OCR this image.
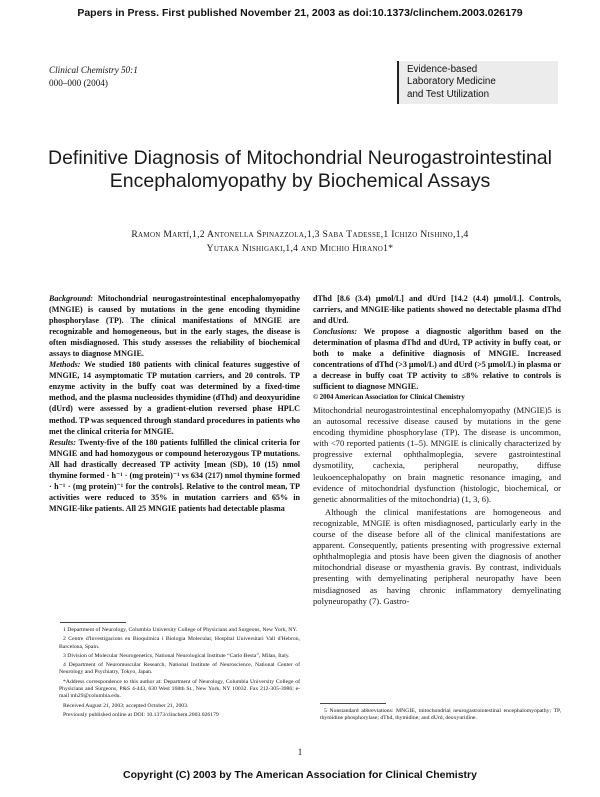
Papers in Press. First published November 21, 2003 as doi:10.1373/clinchem.2003.026179
Clinical Chemistry 50:1
000–000 (2004)
Evidence-based
Laboratory Medicine
and Test Utilization
Definitive Diagnosis of Mitochondrial Neurogastrointestinal Encephalomyopathy by Biochemical Assays
Ramon Martí,1,2 Antonella Spinazzola,1,3 Saba Tadesse,1 Ichizo Nishino,1,4
Yutaka Nishigaki,1,4 and Michio Hirano1*

Background: Mitochondrial neurogastrointestinal encephalomyopathy (MNGIE) is caused by mutations in the gene encoding thymidine phosphorylase (TP). The clinical manifestations of MNGIE are recognizable and homogeneous, but in the early stages, the disease is often misdiagnosed. This study assesses the reliability of biochemical assays to diagnose MNGIE.

Methods: We studied 180 patients with clinical features suggestive of MNGIE, 14 asymptomatic TP mutation carriers, and 20 controls. TP enzyme activity in the buffy coat was determined by a fixed-time method, and the plasma nucleosides thymidine (dThd) and deoxyuridine (dUrd) were assessed by a gradient-elution reversed phase HPLC method. TP was sequenced through standard procedures in patients who met the clinical criteria for MNGIE.

Results: Twenty-five of the 180 patients fulfilled the clinical criteria for MNGIE and had homozygous or compound heterozygous TP mutations. All had drastically decreased TP activity [mean (SD), 10 (15) nmol thymine formed · h⁻¹ · (mg protein)⁻¹ vs 634 (217) nmol thymine formed · h⁻¹ · (mg protein)⁻¹ for the controls]. Relative to the control mean, TP activities were reduced to 35% in mutation carriers and 65% in MNGIE-like patients. All 25 MNGIE patients had detectable plasma

dThd [8.6 (3.4) μmol/L] and dUrd [14.2 (4.4) μmol/L]. Controls, carriers, and MNGIE-like patients showed no detectable plasma dThd and dUrd.

Conclusions: We propose a diagnostic algorithm based on the determination of plasma dThd and dUrd, TP activity in buffy coat, or both to make a definitive diagnosis of MNGIE. Increased concentrations of dThd (>3 μmol/L) and dUrd (>5 μmol/L) in plasma or a decrease in buffy coat TP activity to ≤8% relative to controls is sufficient to diagnose MNGIE.

© 2004 American Association for Clinical Chemistry

Mitochondrial neurogastrointestinal encephalomyopathy (MNGIE)5 is an autosomal recessive disease caused by mutations in the gene encoding thymidine phosphorylase (TP). The disease is uncommon, with <70 reported patients (1–5). MNGIE is clinically characterized by progressive external ophthalmoplegia, severe gastrointestinal dysmotility, cachexia, peripheral neuropathy, diffuse leukoencephalopathy on brain magnetic resonance imaging, and evidence of mitochondrial dysfunction (histologic, biochemical, or genetic abnormalities of the mitochondria) (1, 3, 6).

Although the clinical manifestations are homogeneous and recognizable, MNGIE is often misdiagnosed, particularly early in the course of the disease before all of the clinical manifestations are apparent. Consequently, patients presenting with progressive external ophthalmoplegia and ptosis have been given the diagnosis of another mitochondrial disease or myasthenia gravis. By contrast, individuals presenting with demyelinating peripheral neuropathy have been misdiagnosed as having chronic inflammatory demyelinating polyneuropathy (7). Gastro-

1 Department of Neurology, Columbia University College of Physicians and Surgeons, New York, NY.

2 Centre d'Investigacions en Bioquímica i Biologia Molecular, Hospital Universitari Vall d'Hebron, Barcelona, Spain.

3 Division of Molecular Neurogenetics, National Neurological Institute “Carlo Besta”, Milan, Italy.

4 Department of Neuromuscular Research, National Institute of Neuroscience, National Center of Neurology and Psychiatry, Tokyo, Japan.

*Address correspondence to this author at: Department of Neurology, Columbia University College of Physicians and Surgeons, P&S 4-443, 630 West 168th St., New York, NY 10032. Fax 212-305-3986; e-mail mh29@columbia.edu.

Received August 21, 2003; accepted October 21, 2003.

Previously published online at DOI: 10.1373/clinchem.2003.026179

5 Nonstandard abbreviations: MNGIE, mitochondrial neurogastrointestinal encephalomyopathy; TP, thymidine phosphorylase; dThd, thymidine; and dUrd, deoxyuridine.
1
Copyright (C) 2003 by The American Association for Clinical Chemistry
